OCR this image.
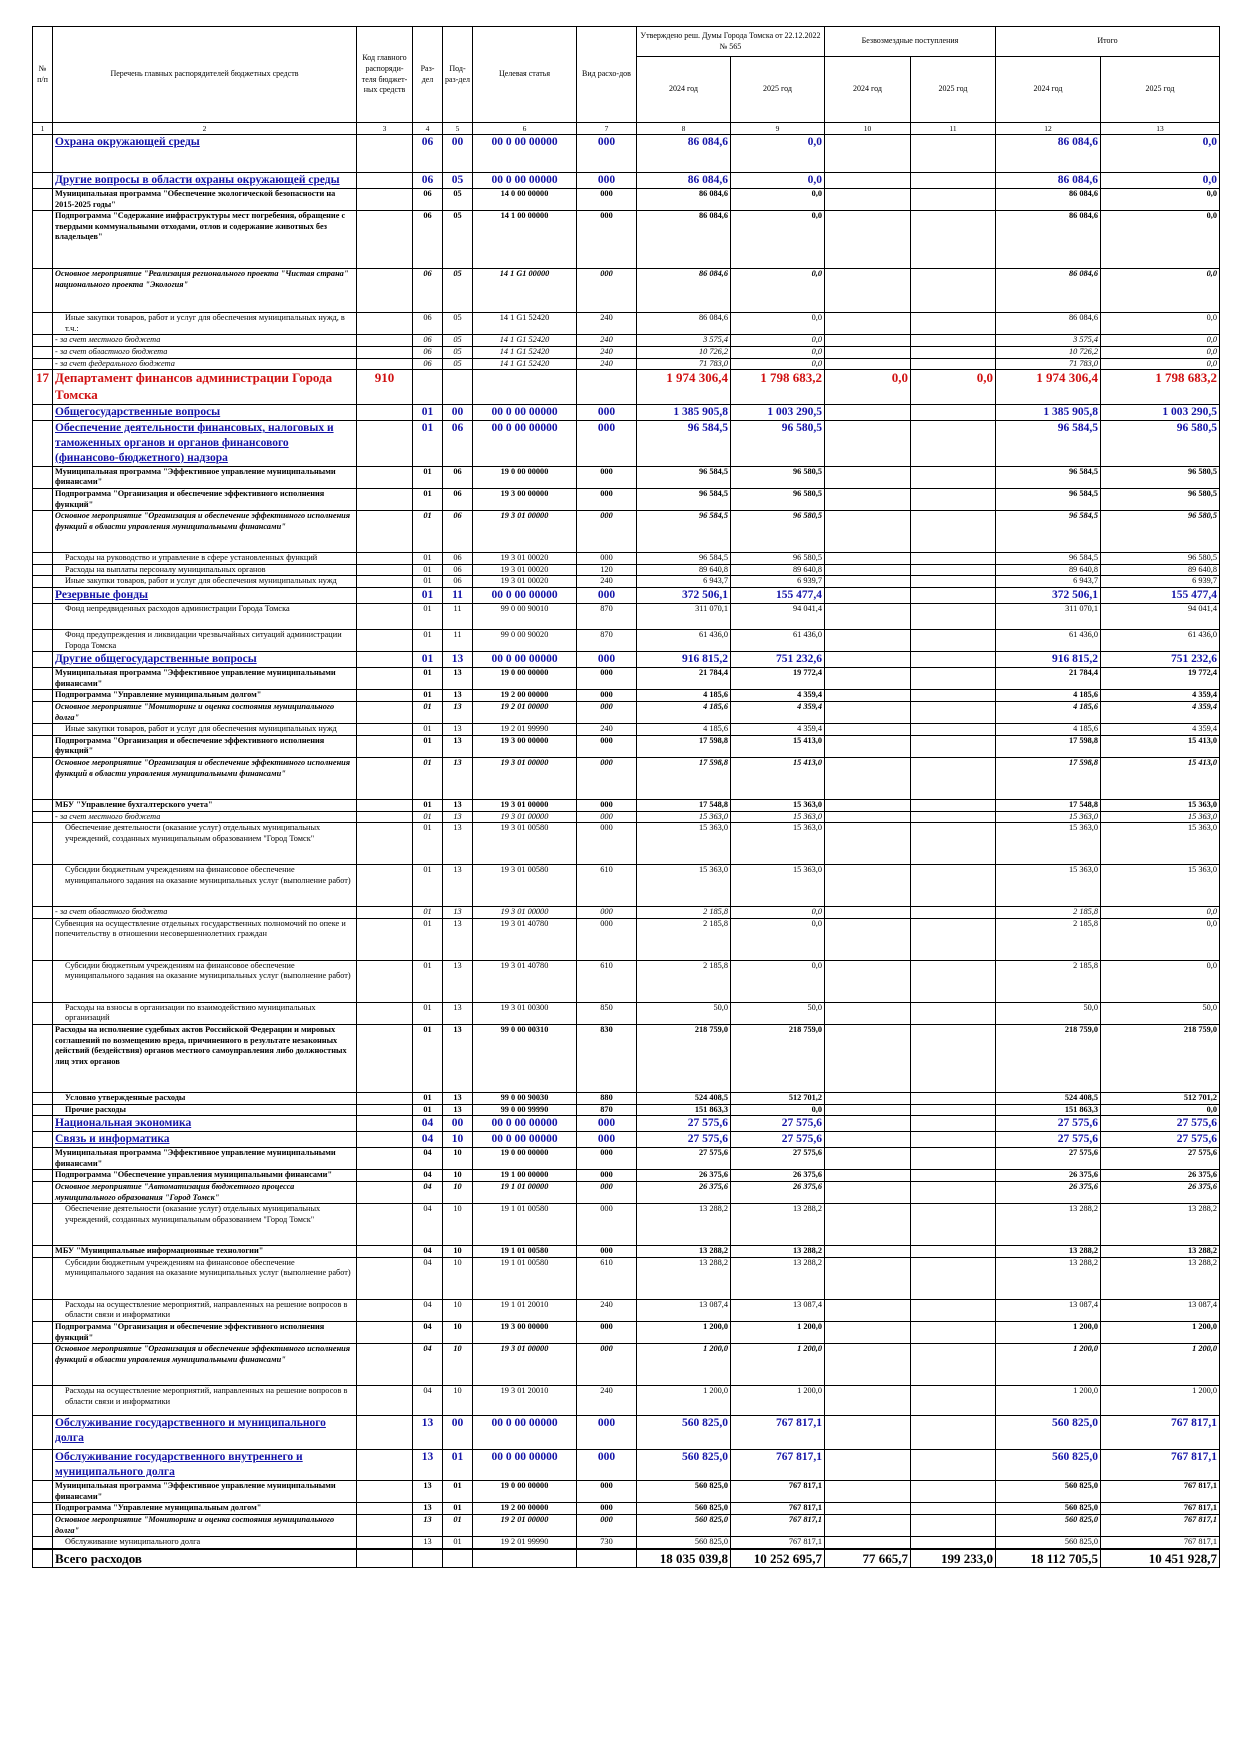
№ п/п	Перечень главных распорядителей бюджетных средств	Код главного распоряди-теля бюджет-ных средств	Раз-дел	Под-раз-дел	Целевая статья	Вид расхо-дов	Утверждено реш. Думы Города Томска от 22.12.2022 № 565		Безвозмездные поступления		Итого	
							2024 год	2025 год	2024 год	2025 год	2024 год	2025 год
1	2	3	4	5	6	7	8	9	10	11	12	13
	Охрана окружающей среды		06	00	00 0 00 00000	000	86 084,6	0,0			86 084,6	0,0
	Другие вопросы в области охраны окружающей среды		06	05	00 0 00 00000	000	86 084,6	0,0			86 084,6	0,0
	Муниципальная программа "Обеспечение экологической безопасности на 2015-2025 годы"		06	05	14 0 00 00000	000	86 084,6	0,0			86 084,6	0,0
	Подпрограмма "Содержание инфраструктуры мест погребения, обращение с твердыми коммунальными отходами, отлов и содержание животных без владельцев"		06	05	14 1 00 00000	000	86 084,6	0,0			86 084,6	0,0
	Основное мероприятие "Реализация регионального проекта "Чистая страна" национального проекта "Экология"		06	05	14 1 G1 00000	000	86 084,6	0,0			86 084,6	0,0
	Иные закупки товаров, работ и услуг для обеспечения муниципальных нужд, в т.ч.:		06	05	14 1 G1 52420	240	86 084,6	0,0			86 084,6	0,0
	- за счет местного бюджета		06	05	14 1 G1 52420	240	3 575,4	0,0			3 575,4	0,0
	- за счет областного бюджета		06	05	14 1 G1 52420	240	10 726,2	0,0			10 726,2	0,0
	- за счет федерального бюджета		06	05	14 1 G1 52420	240	71 783,0	0,0			71 783,0	0,0
17	Департамент финансов администрации Города Томска	910					1 974 306,4	1 798 683,2	0,0	0,0	1 974 306,4	1 798 683,2
	Общегосударственные вопросы		01	00	00 0 00 00000	000	1 385 905,8	1 003 290,5			1 385 905,8	1 003 290,5
	Обеспечение деятельности финансовых, налоговых и таможенных органов и органов финансового (финансово-бюджетного) надзора		01	06	00 0 00 00000	000	96 584,5	96 580,5			96 584,5	96 580,5
	Муниципальная программа "Эффективное управление муниципальными финансами"		01	06	19 0 00 00000	000	96 584,5	96 580,5			96 584,5	96 580,5
	Подпрограмма "Организация и обеспечение эффективного исполнения функций"		01	06	19 3 00 00000	000	96 584,5	96 580,5			96 584,5	96 580,5
	Основное мероприятие "Организация и обеспечение эффективного исполнения функций в области управления муниципальными финансами"		01	06	19 3 01 00000	000	96 584,5	96 580,5			96 584,5	96 580,5
	Расходы на руководство и управление в сфере установленных функций		01	06	19 3 01 00020	000	96 584,5	96 580,5			96 584,5	96 580,5
	Расходы на выплаты персоналу муниципальных органов		01	06	19 3 01 00020	120	89 640,8	89 640,8			89 640,8	89 640,8
	Иные закупки товаров, работ и услуг для обеспечения муниципальных нужд		01	06	19 3 01 00020	240	6 943,7	6 939,7			6 943,7	6 939,7
	Резервные фонды		01	11	00 0 00 00000	000	372 506,1	155 477,4			372 506,1	155 477,4
	Фонд непредвиденных расходов администрации Города Томска		01	11	99 0 00 90010	870	311 070,1	94 041,4			311 070,1	94 041,4
	Фонд предупреждения и ликвидации чрезвычайных ситуаций администрации Города Томска		01	11	99 0 00 90020	870	61 436,0	61 436,0			61 436,0	61 436,0
	Другие общегосударственные вопросы		01	13	00 0 00 00000	000	916 815,2	751 232,6			916 815,2	751 232,6
	Муниципальная программа "Эффективное управление муниципальными финансами"		01	13	19 0 00 00000	000	21 784,4	19 772,4			21 784,4	19 772,4
	Подпрограмма "Управление муниципальным долгом"		01	13	19 2 00 00000	000	4 185,6	4 359,4			4 185,6	4 359,4
	Основное мероприятие "Мониторинг и оценка состояния муниципального долга"		01	13	19 2 01 00000	000	4 185,6	4 359,4			4 185,6	4 359,4
	Иные закупки товаров, работ и услуг для обеспечения муниципальных нужд		01	13	19 2 01 99990	240	4 185,6	4 359,4			4 185,6	4 359,4
	Подпрограмма "Организация и обеспечение эффективного исполнения функций"		01	13	19 3 00 00000	000	17 598,8	15 413,0			17 598,8	15 413,0
	Основное мероприятие "Организация и обеспечение эффективного исполнения функций в области управления муниципальными финансами"		01	13	19 3 01 00000	000	17 598,8	15 413,0			17 598,8	15 413,0
	МБУ "Управление бухгалтерского учета"		01	13	19 3 01 00000	000	17 548,8	15 363,0			17 548,8	15 363,0
	- за счет местного бюджета		01	13	19 3 01 00000	000	15 363,0	15 363,0			15 363,0	15 363,0
	Обеспечение деятельности (оказание услуг) отдельных муниципальных учреждений, созданных муниципальным образованием "Город Томск"		01	13	19 3 01 00580	000	15 363,0	15 363,0			15 363,0	15 363,0
	Субсидии бюджетным учреждениям на финансовое обеспечение муниципального задания на оказание муниципальных услуг (выполнение работ)		01	13	19 3 01 00580	610	15 363,0	15 363,0			15 363,0	15 363,0
	- за счет областного бюджета		01	13	19 3 01 00000	000	2 185,8	0,0			2 185,8	0,0
	Субвенция на осуществление отдельных государственных полномочий по опеке и попечительству в отношении несовершеннолетних граждан		01	13	19 3 01 40780	000	2 185,8	0,0			2 185,8	0,0
	Субсидии бюджетным учреждениям на финансовое обеспечение муниципального задания на оказание муниципальных услуг (выполнение работ)		01	13	19 3 01 40780	610	2 185,8	0,0			2 185,8	0,0
	Расходы на взносы в организации по взаимодействию муниципальных организаций		01	13	19 3 01 00300	850	50,0	50,0			50,0	50,0
	Расходы на исполнение судебных актов Российской Федерации и мировых соглашений по возмещению вреда, причиненного в результате незаконных действий (бездействия) органов местного самоуправления либо должностных лиц этих органов		01	13	99 0 00 00310	830	218 759,0	218 759,0			218 759,0	218 759,0
	Условно утвержденные расходы		01	13	99 0 00 90030	880	524 408,5	512 701,2			524 408,5	512 701,2
	Прочие расходы		01	13	99 0 00 99990	870	151 863,3	0,0			151 863,3	0,0
	Национальная экономика		04	00	00 0 00 00000	000	27 575,6	27 575,6			27 575,6	27 575,6
	Связь и информатика		04	10	00 0 00 00000	000	27 575,6	27 575,6			27 575,6	27 575,6
	Муниципальная программа "Эффективное управление муниципальными финансами"		04	10	19 0 00 00000	000	27 575,6	27 575,6			27 575,6	27 575,6
	Подпрограмма "Обеспечение управления муниципальными финансами"		04	10	19 1 00 00000	000	26 375,6	26 375,6			26 375,6	26 375,6
	Основное мероприятие "Автоматизация бюджетного процесса муниципального образования "Город Томск"		04	10	19 1 01 00000	000	26 375,6	26 375,6			26 375,6	26 375,6
	Обеспечение деятельности (оказание услуг) отдельных муниципальных учреждений, созданных муниципальным образованием "Город Томск"		04	10	19 1 01 00580	000	13 288,2	13 288,2			13 288,2	13 288,2
	МБУ "Муниципальные информационные технологии"		04	10	19 1 01 00580	000	13 288,2	13 288,2			13 288,2	13 288,2
	Субсидии бюджетным учреждениям на финансовое обеспечение муниципального задания на оказание муниципальных услуг (выполнение работ)		04	10	19 1 01 00580	610	13 288,2	13 288,2			13 288,2	13 288,2
	Расходы на осуществление мероприятий, направленных на решение вопросов в области связи и информатики		04	10	19 1 01 20010	240	13 087,4	13 087,4			13 087,4	13 087,4
	Подпрограмма "Организация и обеспечение эффективного исполнения функций"		04	10	19 3 00 00000	000	1 200,0	1 200,0			1 200,0	1 200,0
	Основное мероприятие "Организация и обеспечение эффективного исполнения функций в области управления муниципальными финансами"		04	10	19 3 01 00000	000	1 200,0	1 200,0			1 200,0	1 200,0
	Расходы на осуществление мероприятий, направленных на решение вопросов в области связи и информатики		04	10	19 3 01 20010	240	1 200,0	1 200,0			1 200,0	1 200,0
	Обслуживание государственного и муниципального долга		13	00	00 0 00 00000	000	560 825,0	767 817,1			560 825,0	767 817,1
	Обслуживание государственного внутреннего и муниципального долга		13	01	00 0 00 00000	000	560 825,0	767 817,1			560 825,0	767 817,1
	Муниципальная программа "Эффективное управление муниципальными финансами"		13	01	19 0 00 00000	000	560 825,0	767 817,1			560 825,0	767 817,1
	Подпрограмма "Управление муниципальным долгом"		13	01	19 2 00 00000	000	560 825,0	767 817,1			560 825,0	767 817,1
	Основное мероприятие "Мониторинг и оценка состояния муниципального долга"		13	01	19 2 01 00000	000	560 825,0	767 817,1			560 825,0	767 817,1
	Обслуживание муниципального долга		13	01	19 2 01 99990	730	560 825,0	767 817,1			560 825,0	767 817,1
	Всего расходов						18 035 039,8	10 252 695,7	77 665,7	199 233,0	18 112 705,5	10 451 928,7
